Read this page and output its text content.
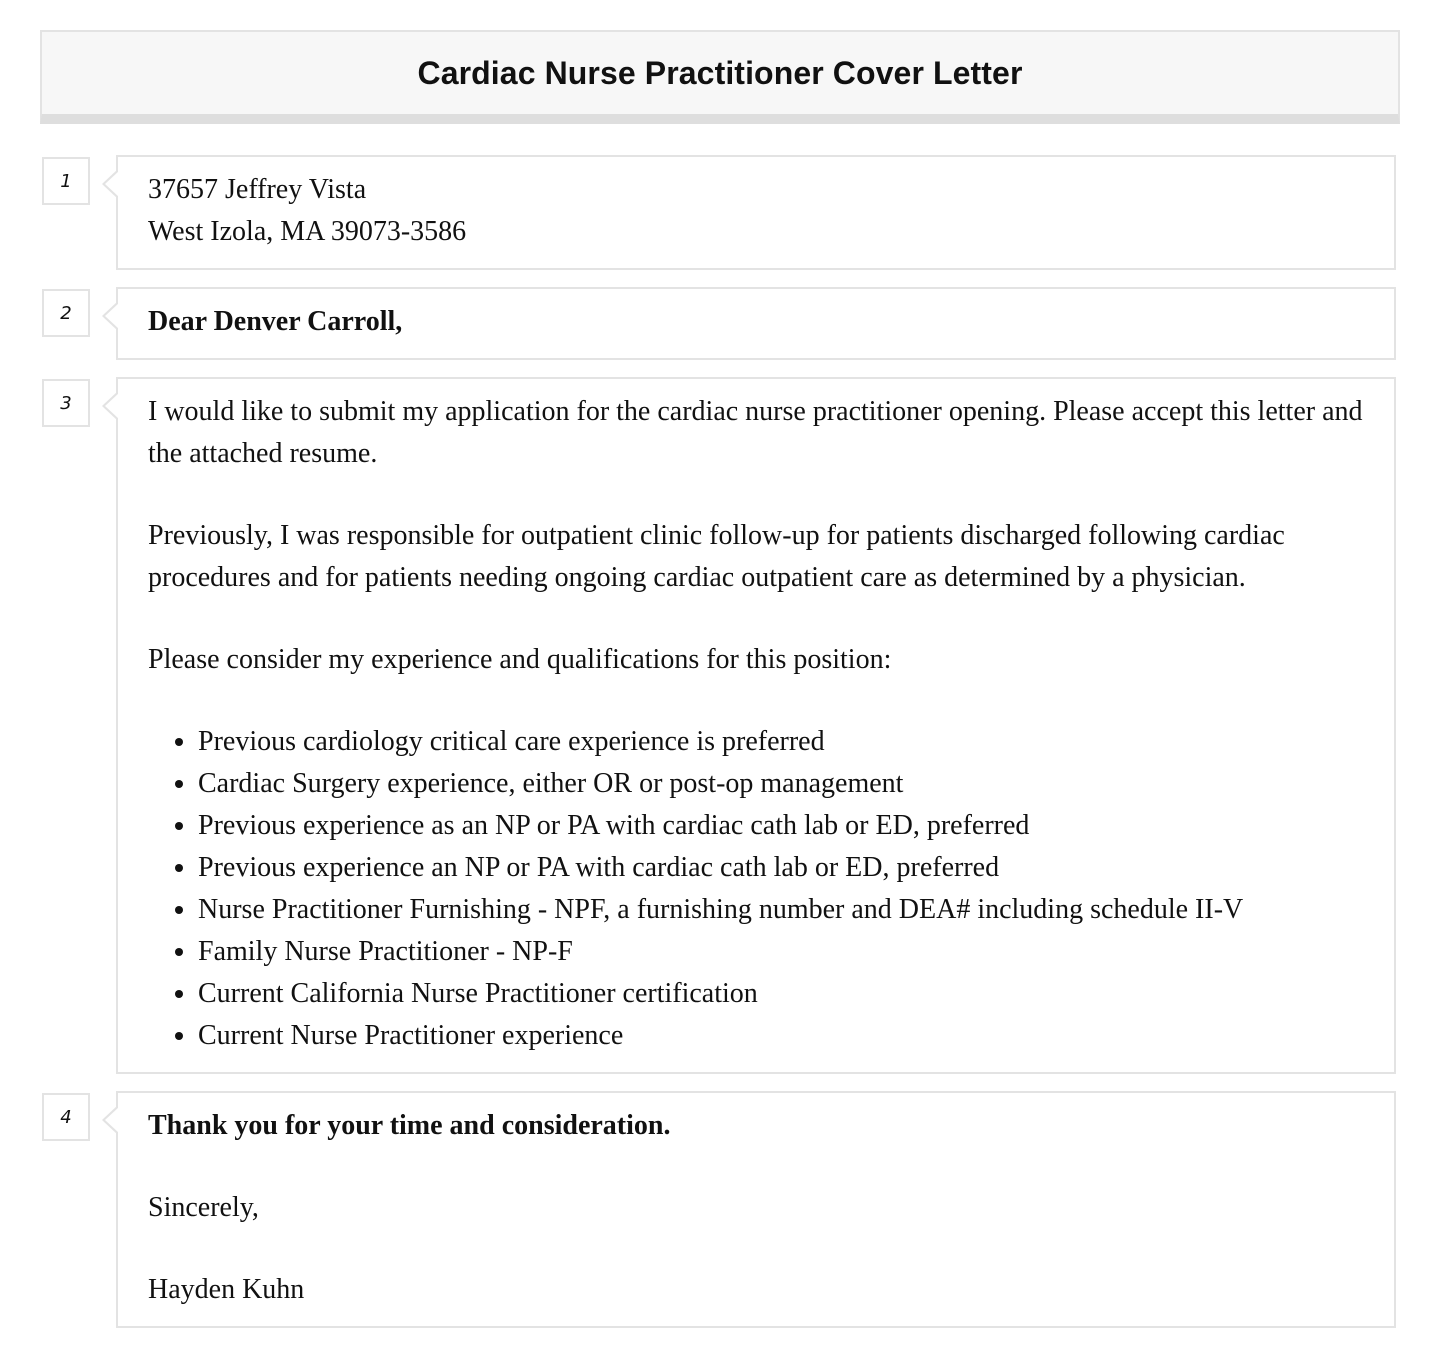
Cardiac Nurse Practitioner Cover Letter
1	37657 Jeffrey Vista

West Izola, MA 39073-3586

2	Dear Denver Carroll,

3	I would like to submit my application for the cardiac nurse practitioner opening. Please accept this letter and the attached resume.

Previously, I was responsible for outpatient clinic follow-up for patients discharged following cardiac procedures and for patients needing ongoing cardiac outpatient care as determined by a physician.

Please consider my experience and qualifications for this position:

• Previous cardiology critical care experience is preferred
• Cardiac Surgery experience, either OR or post-op management
• Previous experience as an NP or PA with cardiac cath lab or ED, preferred
• Previous experience an NP or PA with cardiac cath lab or ED, preferred
• Nurse Practitioner Furnishing - NPF, a furnishing number and DEA# including schedule II-V
• Family Nurse Practitioner - NP-F
• Current California Nurse Practitioner certification
• Current Nurse Practitioner experience
4	Thank you for your time and consideration.

Sincerely,

Hayden Kuhn
